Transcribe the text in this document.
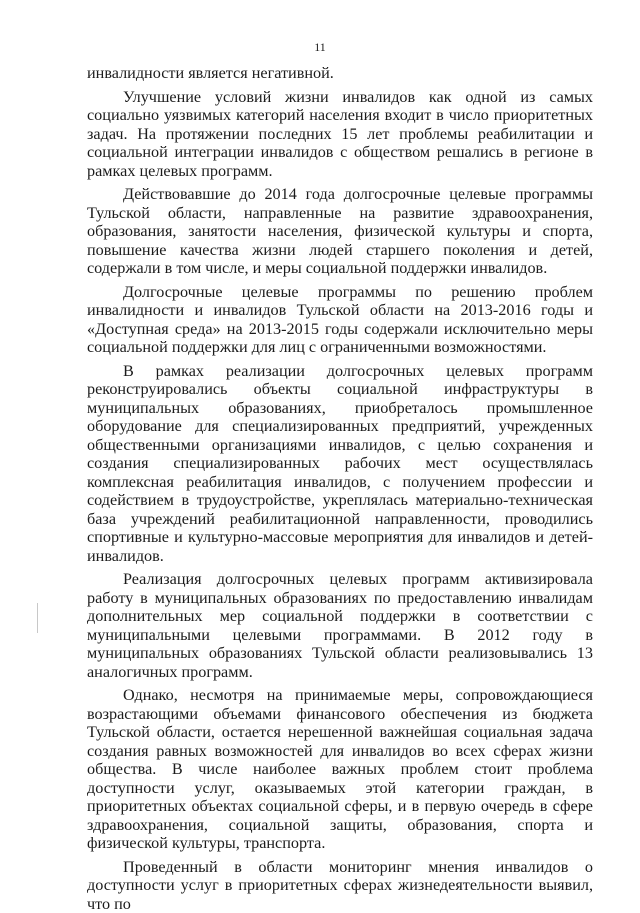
11

инвалидности является негативной.

Улучшение условий жизни инвалидов как одной из самых социально уязвимых категорий населения входит в число приоритетных задач. На протяжении последних 15 лет проблемы реабилитации и социальной интеграции инвалидов с обществом решались в регионе в рамках целевых программ.

Действовавшие до 2014 года долгосрочные целевые программы Тульской области, направленные на развитие здравоохранения, образования, занятости населения, физической культуры и спорта, повышение качества жизни людей старшего поколения и детей, содержали в том числе, и меры социальной поддержки инвалидов.

Долгосрочные целевые программы по решению проблем инвалидности и инвалидов Тульской области на 2013-2016 годы и «Доступная среда» на 2013-2015 годы содержали исключительно меры социальной поддержки для лиц с ограниченными возможностями.

В рамках реализации долгосрочных целевых программ реконструировались объекты социальной инфраструктуры в муниципальных образованиях, приобреталось промышленное оборудование для специализированных предприятий, учрежденных общественными организациями инвалидов, с целью сохранения и создания специализированных рабочих мест осуществлялась комплексная реабилитация инвалидов, с получением профессии и содействием в трудоустройстве, укреплялась материально-техническая база учреждений реабилитационной направленности, проводились спортивные и культурно-массовые мероприятия для инвалидов и детей-инвалидов.

Реализация долгосрочных целевых программ активизировала работу в муниципальных образованиях по предоставлению инвалидам дополнительных мер социальной поддержки в соответствии с муниципальными целевыми программами. В 2012 году в муниципальных образованиях Тульской области реализовывались 13 аналогичных программ.

Однако, несмотря на принимаемые меры, сопровождающиеся возрастающими объемами финансового обеспечения из бюджета Тульской области, остается нерешенной важнейшая социальная задача создания равных возможностей для инвалидов во всех сферах жизни общества. В числе наиболее важных проблем стоит проблема доступности услуг, оказываемых этой категории граждан, в приоритетных объектах социальной сферы, и в первую очередь в сфере здравоохранения, социальной защиты, образования, спорта и физической культуры, транспорта.

Проведенный в области мониторинг мнения инвалидов о доступности услуг в приоритетных сферах жизнедеятельности выявил, что по
